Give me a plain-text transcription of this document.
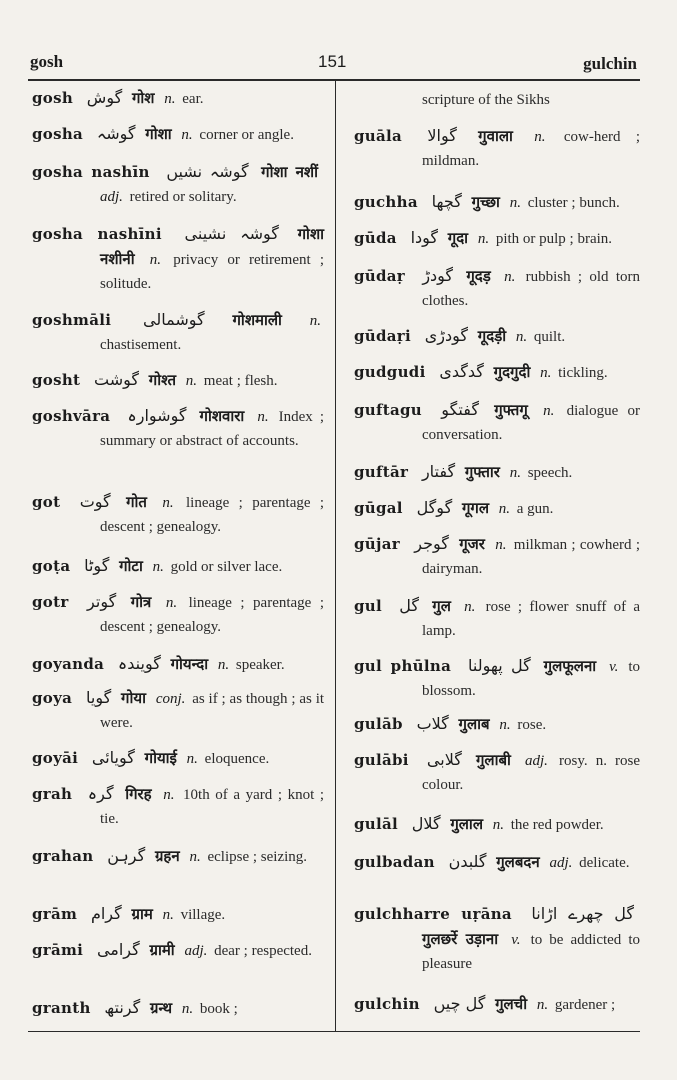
gosh	151	gulchin
gosh گوش गोश n. ear.
gosha گوشہ गोशा n. corner or angle.
gosha nashīn گوشہ نشیں गोशा नशीं adj. retired or solitary.
gosha nashīni گوشہ نشینی गोशा नशीनी n. privacy or retirement ; solitude.
goshmāli گوشمالی गोशमाली n. chastisement.
gosht گوشت गोश्त n. meat ; flesh.
goshvāra گوشوارہ गोशवारा n. Index ; summary or abstract of accounts.
got گوت गोत n. lineage ; parentage ; descent ; genealogy.
goṭa گوٹا गोटा n. gold or silver lace.
gotr گوتر गोत्र n. lineage ; parentage ; descent ; genealogy.
goyanda گویندہ गोयन्दा n. speaker.
goya گویا गोया conj. as if ; as though ; as it were.
goyāi گویائی गोयाई n. eloquence.
grah گرہ गिरह n. 10th of a yard ; knot ; tie.
grahan گرہن ग्रहन n. eclipse ; seizing.
grām گرام ग्राम n. village.
grāmi گرامی ग्रामी adj. dear ; respected.
granth گرنتھ ग्रन्थ n. book ;
scripture of the Sikhs
guāla گوالا गुवाला n. cow-herd ; mildman.
guchha گچھا गुच्छा n. cluster ; bunch.
gūda گودا गूदा n. pith or pulp ; brain.
gūdaṛ گودڑ गूदड़ n. rubbish ; old torn clothes.
gūdaṛi گودڑی गूदड़ी n. quilt.
gudgudi گدگدی गुदगुदी n. tickling.
guftagu گفتگو गुफ्तगू n. dialogue or conversation.
guftār گفتار गुफ्तार n. speech.
gūgal گوگل गूगल n. a gun.
gūjar گوجر गूजर n. milkman ; cowherd ; dairyman.
gul گل गुल n. rose ; flower snuff of a lamp.
gul phūlna گل پھولنا गुलफूलना v. to blossom.
gulāb گلاب गुलाब n. rose.
gulābi گلابی गुलाबी adj. rosy. n. rose colour.
gulāl گلال गुलाल n. the red powder.
gulbadan گلبدن गुलबदन adj. delicate.
gulchharre uṛāna گل چھرے اڑانا गुलछर्रे उड़ाना v. to be addicted to pleasure
gulchin گل چیں गुलची n. gardener ;
